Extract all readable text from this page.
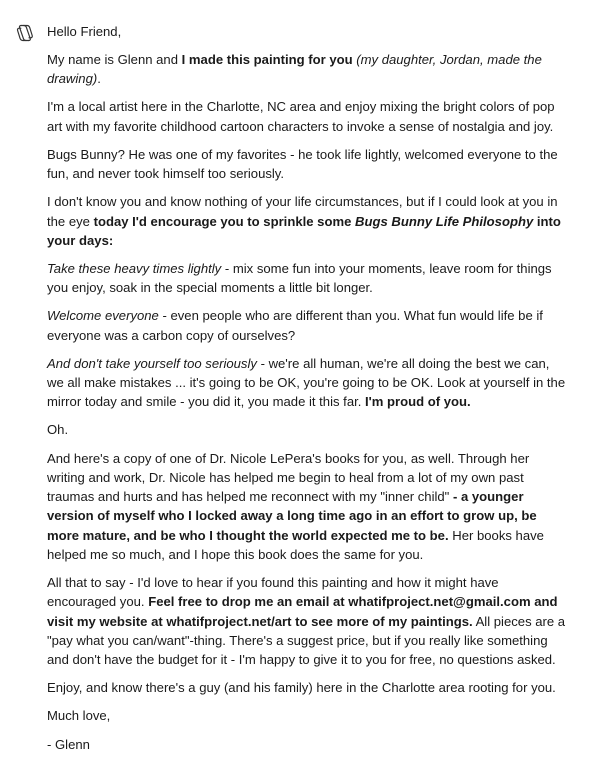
Hello Friend,

My name is Glenn and I made this painting for you (my daughter, Jordan, made the drawing).

I'm a local artist here in the Charlotte, NC area and enjoy mixing the bright colors of pop art with my favorite childhood cartoon characters to invoke a sense of nostalgia and joy.

Bugs Bunny? He was one of my favorites - he took life lightly, welcomed everyone to the fun, and never took himself too seriously.

I don't know you and know nothing of your life circumstances, but if I could look at you in the eye today I'd encourage you to sprinkle some Bugs Bunny Life Philosophy into your days:

Take these heavy times lightly - mix some fun into your moments, leave room for things you enjoy, soak in the special moments a little bit longer.

Welcome everyone - even people who are different than you. What fun would life be if everyone was a carbon copy of ourselves?

And don't take yourself too seriously - we're all human, we're all doing the best we can, we all make mistakes ... it's going to be OK, you're going to be OK. Look at yourself in the mirror today and smile - you did it, you made it this far. I'm proud of you.

Oh.

And here's a copy of one of Dr. Nicole LePera's books for you, as well. Through her writing and work, Dr. Nicole has helped me begin to heal from a lot of my own past traumas and hurts and has helped me reconnect with my "inner child" - a younger version of myself who I locked away a long time ago in an effort to grow up, be more mature, and be who I thought the world expected me to be. Her books have helped me so much, and I hope this book does the same for you.

All that to say - I'd love to hear if you found this painting and how it might have encouraged you. Feel free to drop me an email at whatifproject.net@gmail.com and visit my website at whatifproject.net/art to see more of my paintings. All pieces are a "pay what you can/want"-thing. There's a suggest price, but if you really like something and don't have the budget for it - I'm happy to give it to you for free, no questions asked.

Enjoy, and know there's a guy (and his family) here in the Charlotte area rooting for you.

Much love,

- Glenn
